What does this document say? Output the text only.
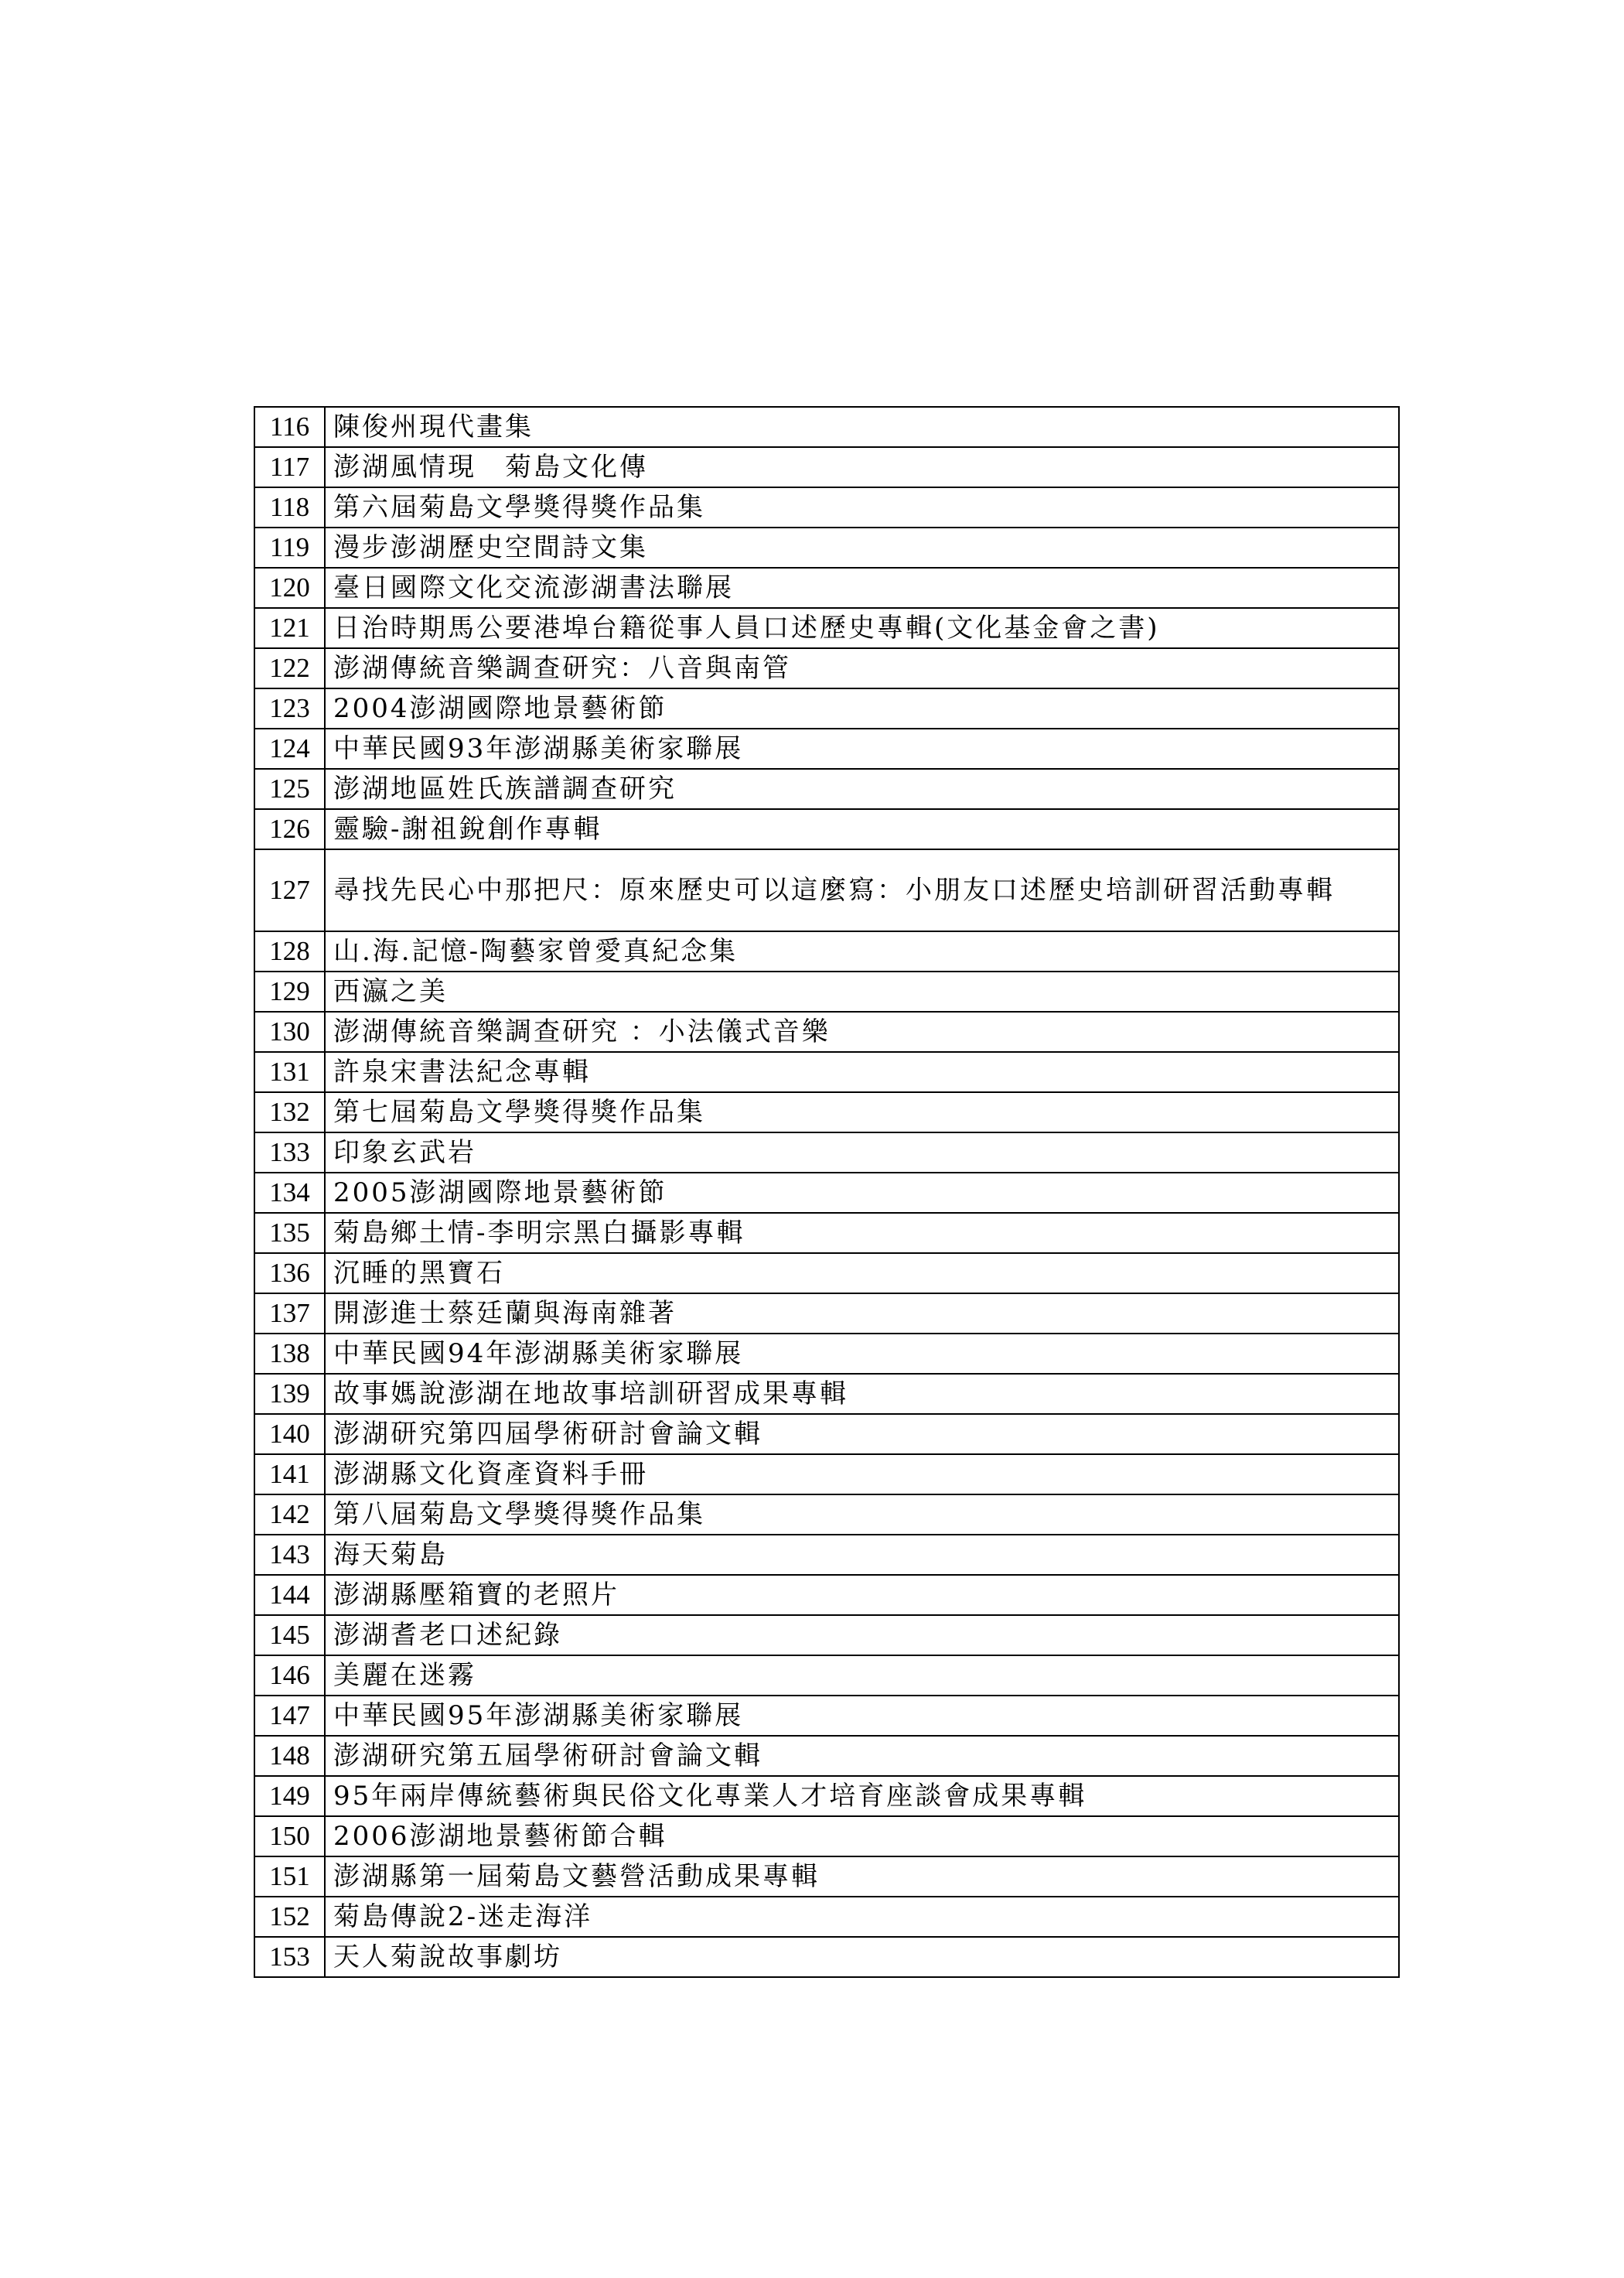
116	陳俊州現代畫集
117	澎湖風情現　菊島文化傳
118	第六屆菊島文學獎得獎作品集
119	漫步澎湖歷史空間詩文集
120	臺日國際文化交流澎湖書法聯展
121	日治時期馬公要港埠台籍從事人員口述歷史專輯(文化基金會之書)
122	澎湖傳統音樂調查研究：八音與南管
123	2004澎湖國際地景藝術節
124	中華民國93年澎湖縣美術家聯展
125	澎湖地區姓氏族譜調查研究
126	靈驗-謝祖銳創作專輯
127	尋找先民心中那把尺：原來歷史可以這麼寫：小朋友口述歷史培訓研習活動專輯
128	山.海.記憶-陶藝家曾愛真紀念集
129	西瀛之美
130	澎湖傳統音樂調查研究 ：小法儀式音樂
131	許泉宋書法紀念專輯
132	第七屆菊島文學獎得獎作品集
133	印象玄武岩
134	2005澎湖國際地景藝術節
135	菊島鄉土情-李明宗黑白攝影專輯
136	沉睡的黑寶石
137	開澎進士蔡廷蘭與海南雜著
138	中華民國94年澎湖縣美術家聯展
139	故事媽說澎湖在地故事培訓研習成果專輯
140	澎湖研究第四屆學術研討會論文輯
141	澎湖縣文化資產資料手冊
142	第八屆菊島文學獎得獎作品集
143	海天菊島
144	澎湖縣壓箱寶的老照片
145	澎湖耆老口述紀錄
146	美麗在迷霧
147	中華民國95年澎湖縣美術家聯展
148	澎湖研究第五屆學術研討會論文輯
149	95年兩岸傳統藝術與民俗文化專業人才培育座談會成果專輯
150	2006澎湖地景藝術節合輯
151	澎湖縣第一屆菊島文藝營活動成果專輯
152	菊島傳說2-迷走海洋
153	天人菊說故事劇坊
